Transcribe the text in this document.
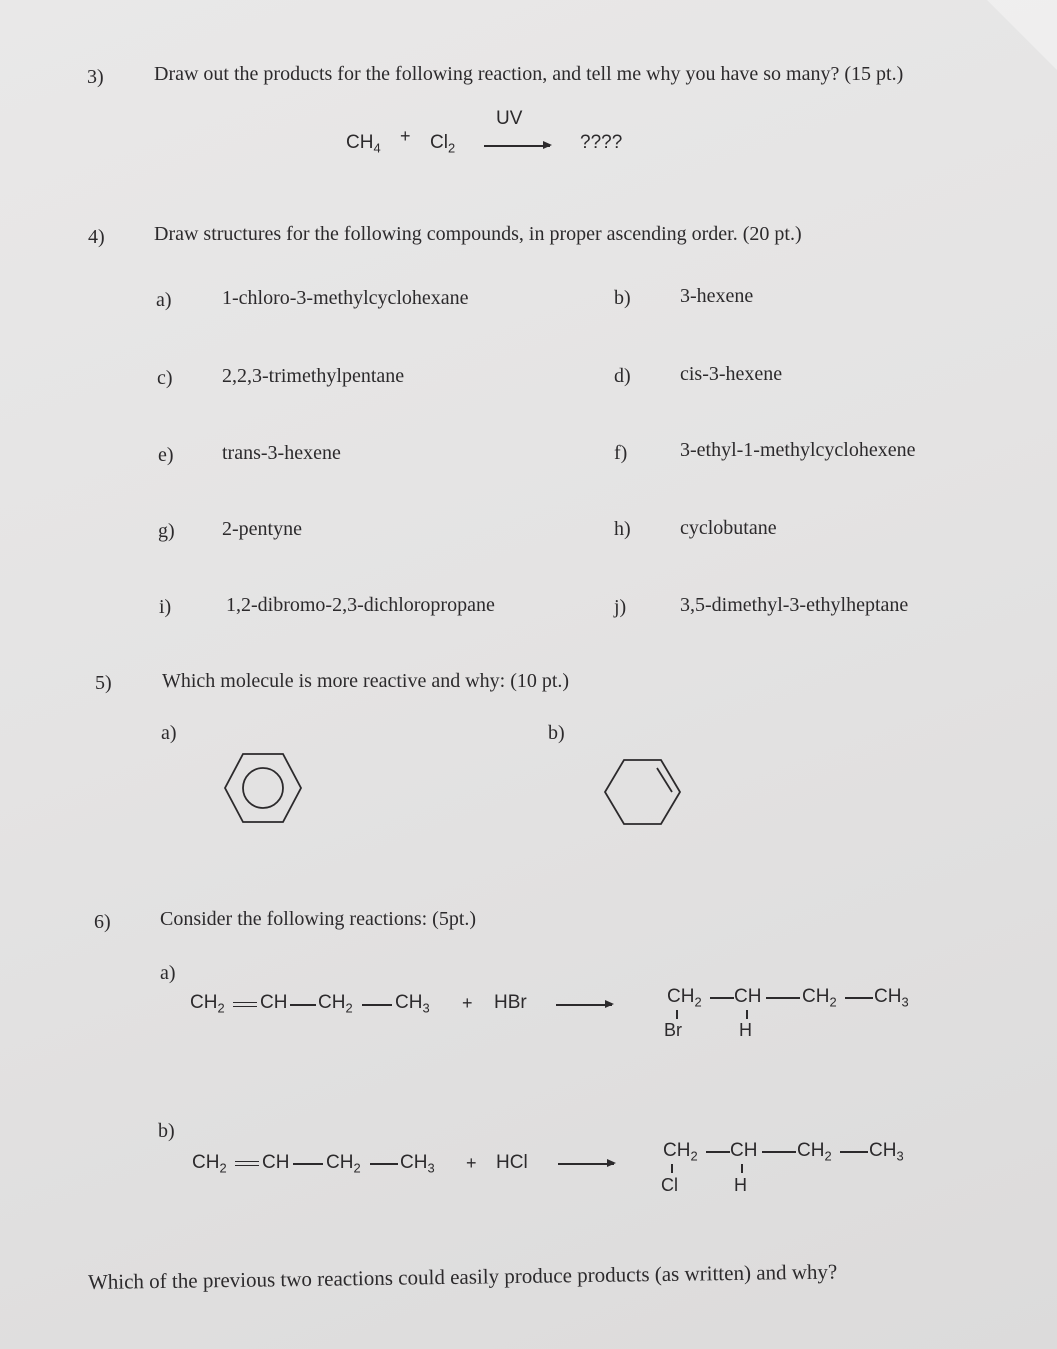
3)	Draw out the products for the following reaction, and tell me why you have so many? (15 pt.)
$CH_4$
+ $Cl_2$
UV
????
4) Draw structures for the following compounds, in proper ascending order. (20 pt.)
a)	1-chloro-3-methylcyclohexane	b) 3-hexene
c) 2,2,3-trimethylpentane	d) cis-3-hexene
e) trans-3-hexene	f)	3-ethyl-1-methylcyclohexene
g) 2-pentyne	h) cyclobutane
i)	1,2-dibromo-2,3-dichloropropane	j)	3,5-dimethyl-3-ethylheptane
5)	Which molecule is more reactive and why: (10 pt.)
a)	b)
6) Consider the following reactions: (5pt.)
a)
$CH_2$ CH $CH_2$ $CH_3$ + HBr	$CH_2$ CH $CH_2$ $CH_3$
Br	H
b)
$CH_2$ CH $CH_2$ $CH_3$ + HCl
$CH_2$ CH $CH_2$ $CH_3$
Cl	H
Which of the previous two reactions could easily produce products (as written) and why?
